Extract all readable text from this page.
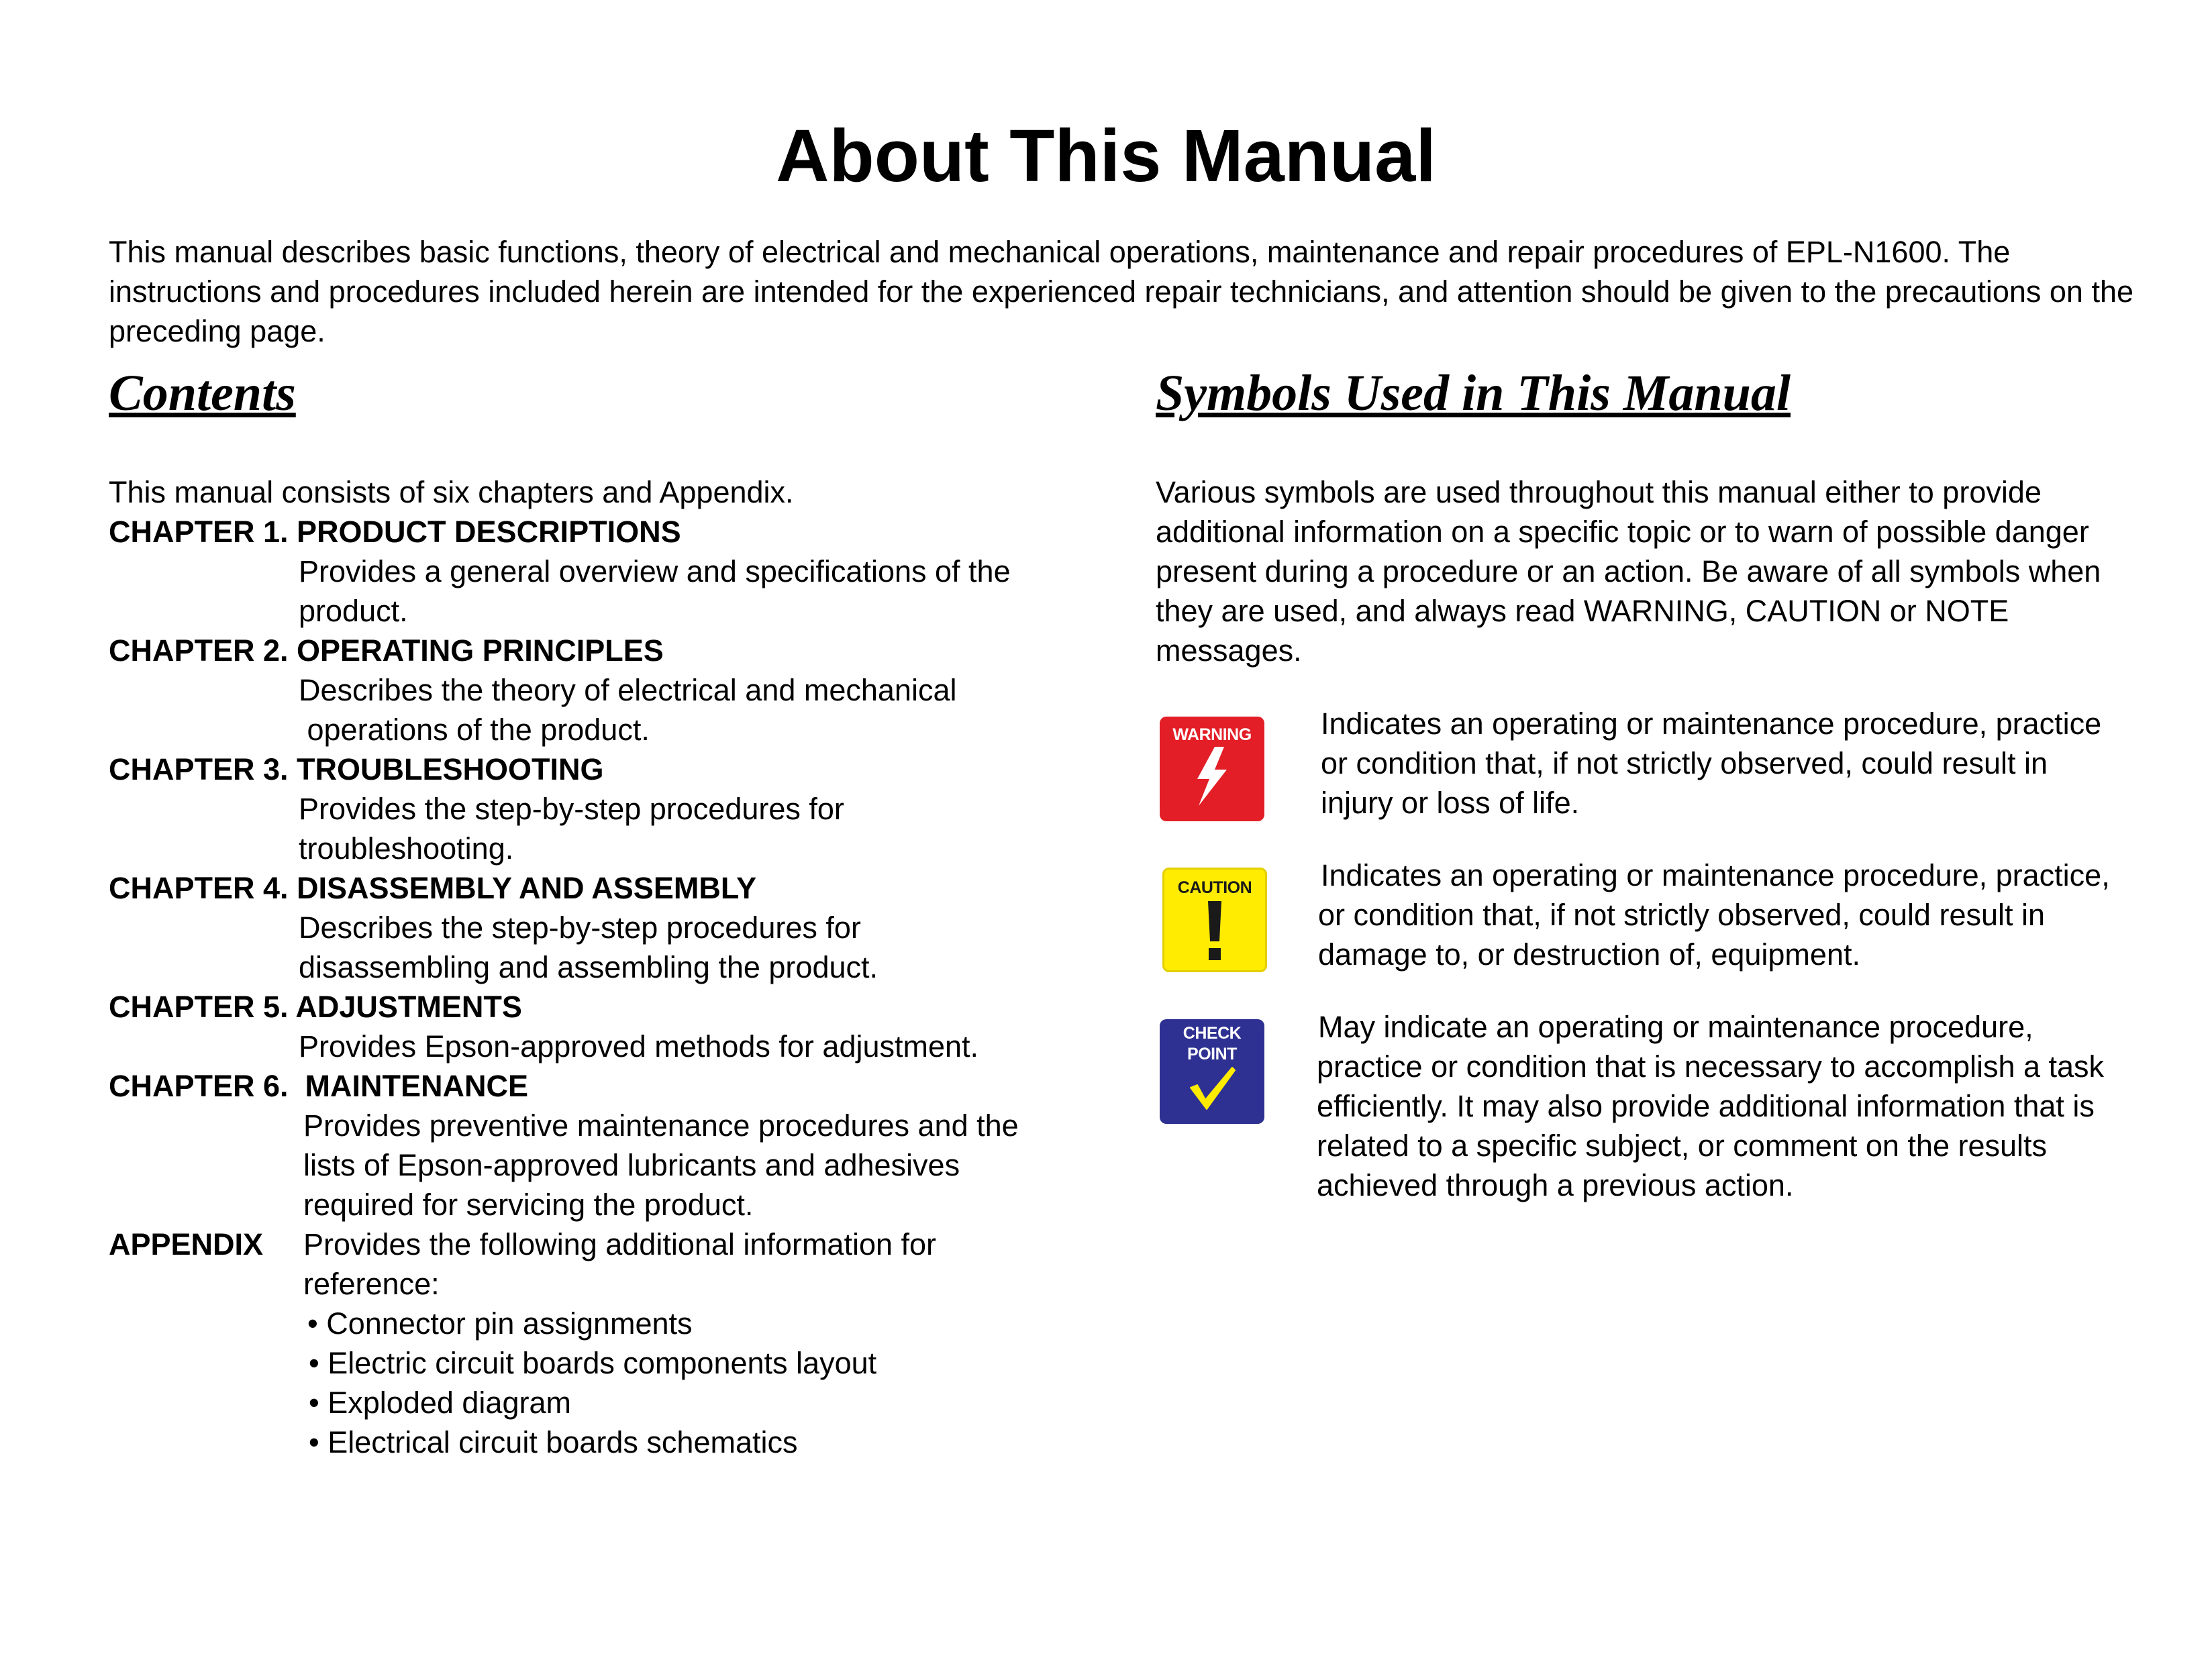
About This Manual

This manual describes basic functions, theory of electrical and mechanical operations, maintenance and repair procedures of EPL-N1600. The instructions and procedures included herein are intended for the experienced repair technicians, and attention should be given to the precautions on the preceding page.

Contents

This manual consists of six chapters and Appendix.

CHAPTER 1. PRODUCT DESCRIPTIONS

Provides a general overview and specifications of the

product.

CHAPTER 2. OPERATING PRINCIPLES

Describes the theory of electrical and mechanical

operations of the product.

CHAPTER 3. TROUBLESHOOTING

Provides the step-by-step procedures for

troubleshooting.

CHAPTER 4. DISASSEMBLY AND ASSEMBLY

Describes the step-by-step procedures for

disassembling and assembling the product.

CHAPTER 5. ADJUSTMENTS

Provides Epson-approved methods for adjustment.

CHAPTER 6.  MAINTENANCE

Provides preventive maintenance procedures and the

lists of Epson-approved lubricants and adhesives

required for servicing the product.

APPENDIX Provides the following additional information for

reference:

• Connector pin assignments

• Electric circuit boards components layout

• Exploded diagram

• Electrical circuit boards schematics

Symbols Used in This Manual

Various symbols are used throughout this manual either to provide

additional information on a specific topic or to warn of possible danger

present during a procedure or an action. Be aware of all symbols when

they are used, and always read WARNING, CAUTION or NOTE

messages.

WARNING Indicates an operating or maintenance procedure, practice

or condition that, if not strictly observed, could result in

injury or loss of life.

CAUTION Indicates an operating or maintenance procedure, practice,

or condition that, if not strictly observed, could result in

damage to, or destruction of, equipment.

CHECK
POINT

May indicate an operating or maintenance procedure,

practice or condition that is necessary to accomplish a task

efficiently. It may also provide additional information that is

related to a specific subject, or comment on the results

achieved through a previous action.
